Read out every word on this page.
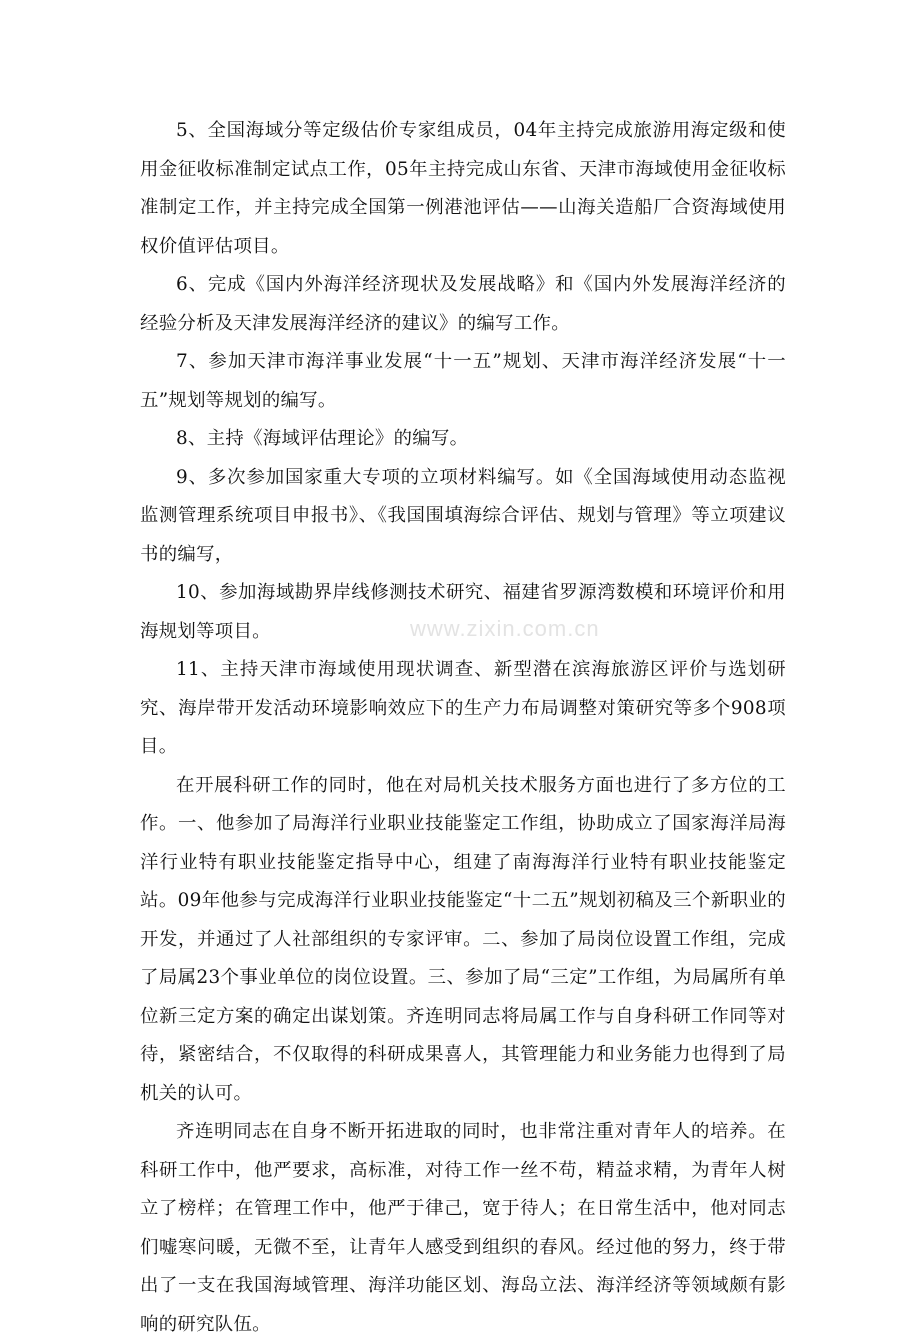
www.zixin.com.cn

5、全国海域分等定级估价专家组成员，04年主持完成旅游用海定级和使用金征收标准制定试点工作，05年主持完成山东省、天津市海域使用金征收标准制定工作，并主持完成全国第一例港池评估——山海关造船厂合资海域使用权价值评估项目。

6、完成《国内外海洋经济现状及发展战略》和《国内外发展海洋经济的经验分析及天津发展海洋经济的建议》的编写工作。

7、参加天津市海洋事业发展“十一五”规划、天津市海洋经济发展“十一五”规划等规划的编写。

8、主持《海域评估理论》的编写。

9、多次参加国家重大专项的立项材料编写。如《全国海域使用动态监视监测管理系统项目申报书》、《我国围填海综合评估、规划与管理》等立项建议书的编写，

10、参加海域勘界岸线修测技术研究、福建省罗源湾数模和环境评价和用海规划等项目。

11、主持天津市海域使用现状调查、新型潜在滨海旅游区评价与选划研究、海岸带开发活动环境影响效应下的生产力布局调整对策研究等多个908项目。

在开展科研工作的同时，他在对局机关技术服务方面也进行了多方位的工作。一、他参加了局海洋行业职业技能鉴定工作组，协助成立了国家海洋局海洋行业特有职业技能鉴定指导中心，组建了南海海洋行业特有职业技能鉴定站。09年他参与完成海洋行业职业技能鉴定“十二五”规划初稿及三个新职业的开发，并通过了人社部组织的专家评审。二、参加了局岗位设置工作组，完成了局属23个事业单位的岗位设置。三、参加了局“三定”工作组，为局属所有单位新三定方案的确定出谋划策。齐连明同志将局属工作与自身科研工作同等对待，紧密结合，不仅取得的科研成果喜人，其管理能力和业务能力也得到了局机关的认可。

齐连明同志在自身不断开拓进取的同时，也非常注重对青年人的培养。在科研工作中，他严要求，高标准，对待工作一丝不苟，精益求精，为青年人树立了榜样；在管理工作中，他严于律己，宽于待人；在日常生活中，他对同志们嘘寒问暖，无微不至，让青年人感受到组织的春风。经过他的努力，终于带出了一支在我国海域管理、海洋功能区划、海岛立法、海洋经济等领域颇有影响的研究队伍。
